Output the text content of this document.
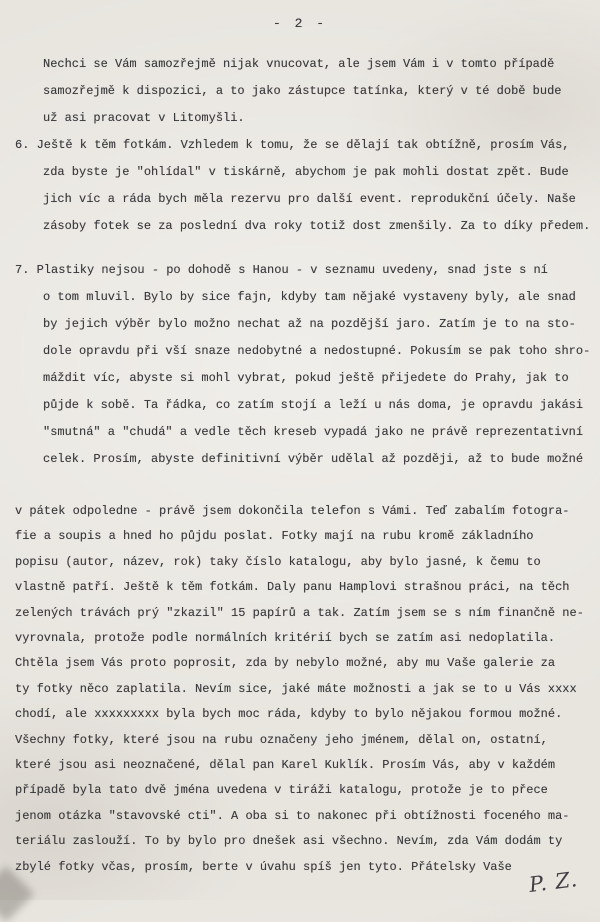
- 2 -
Nechci se Vám samozřejmě nijak vnucovat, ale jsem Vám i v tomto případě
samozřejmě k dispozici, a to jako zástupce tatínka, který v té době bude
už asi pracovat v Litomyšli.
6. Ještě k těm fotkám. Vzhledem k tomu, že se dělají tak obtížně, prosím Vás,
zda byste je "ohlídal" v tiskárně, abychom je pak mohli dostat zpět. Bude
jich víc a ráda bych měla rezervu pro další event. reprodukční účely. Naše
zásoby fotek se za poslední dva roky totiž dost zmenšily. Za to díky předem.
7. Plastiky nejsou - po dohodě s Hanou - v seznamu uvedeny, snad jste s ní
o tom mluvil. Bylo by sice fajn, kdyby tam nějaké vystaveny byly, ale snad
by jejich výběr bylo možno nechat až na pozdější jaro. Zatím je to na sto-
dole opravdu při vší snaze nedobytné a nedostupné. Pokusím se pak toho shro-
máždit víc, abyste si mohl vybrat, pokud ještě přijedete do Prahy, jak to
půjde k sobě. Ta řádka, co zatím stojí a leží u nás doma, je opravdu jakási
"smutná" a "chudá" a vedle těch kreseb vypadá jako ne právě reprezentativní
celek. Prosím, abyste definitivní výběr udělal až později, až to bude možné
v pátek odpoledne - právě jsem dokončila telefon s Vámi. Teď zabalím fotogra-
fie a soupis a hned ho půjdu poslat. Fotky mají na rubu kromě základního
popisu (autor, název, rok) taky číslo katalogu, aby bylo jasné, k čemu to
vlastně patří. Ještě k těm fotkám. Daly panu Hamplovi strašnou práci, na těch
zelených trávách prý "zkazil" 15 papírů a tak. Zatím jsem se s ním finančně ne-
vyrovnala, protože podle normálních kritérií bych se zatím asi nedoplatila.
Chtěla jsem Vás proto poprosit, zda by nebylo možné, aby mu Vaše galerie za
ty fotky něco zaplatila. Nevím sice, jaké máte možnosti a jak se to u Vás xxxx
chodí, ale xxxxxxxxx byla bych moc ráda, kdyby to bylo nějakou formou možné.
Všechny fotky, které jsou na rubu označeny jeho jménem, dělal on, ostatní,
které jsou asi neoznačené, dělal pan Karel Kuklík. Prosím Vás, aby v každém
případě byla tato dvě jména uvedena v tiráži katalogu, protože je to přece
jenom otázka "stavovské cti". A oba si to nakonec při obtížnosti foceného ma-
teriálu zaslouží. To by bylo pro dnešek asi všechno. Nevím, zda Vám dodám ty
zbylé fotky včas, prosím, berte v úvahu spíš jen tyto. Přátelsky Vaše
P. Z.
